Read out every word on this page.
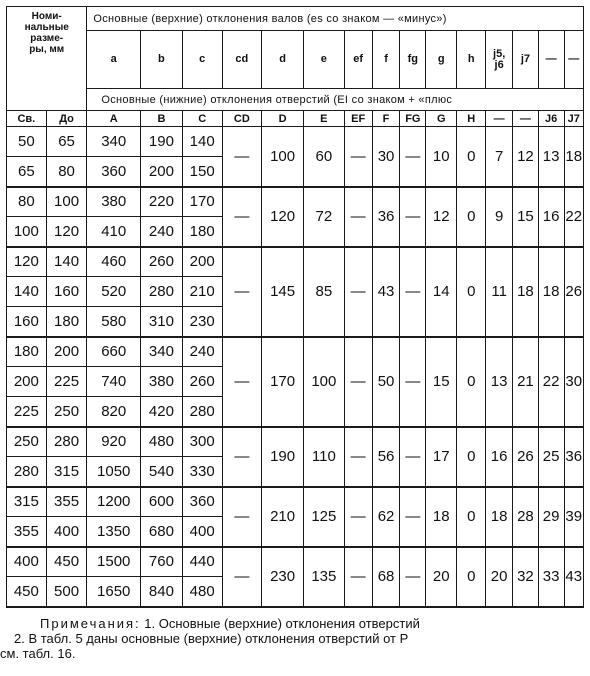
Номи-
нальные
разме-
ры, мм		Основные (верхние) отклонения валов (es со знаком — «минус»)														
		a	b	c	cd	d	e	ef	f	fg	g	h	j5,
j6	j7	—	—
		Основные (нижние) отклонения отверстий (EI со знаком + «плюс														
Св.	До	A	B	C	CD	D	E	EF	F	FG	G	H	—	—	J6	J7
50	65	340	190	140	—	100	60	—	30	—	10	0	7	12	13	18
65	80	360	200	150												
80	100	380	220	170	—	120	72	—	36	—	12	0	9	15	16	22
100	120	410	240	180												
120	140	460	260	200	—	145	85	—	43	—	14	0	11	18	18	26
140	160	520	280	210												
160	180	580	310	230												
180	200	660	340	240	—	170	100	—	50	—	15	0	13	21	22	30
200	225	740	380	260												
225	250	820	420	280												
250	280	920	480	300	—	190	110	—	56	—	17	0	16	26	25	36
280	315	1050	540	330												
315	355	1200	600	360	—	210	125	—	62	—	18	0	18	28	29	39
355	400	1350	680	400												
400	450	1500	760	440	—	230	135	—	68	—	20	0	20	32	33	43
450	500	1650	840	480												
Примечания: 1. Основные (верхние) отклонения отверстий
2. В табл. 5 даны основные (верхние) отклонения отверстий от P
см. табл. 16.
